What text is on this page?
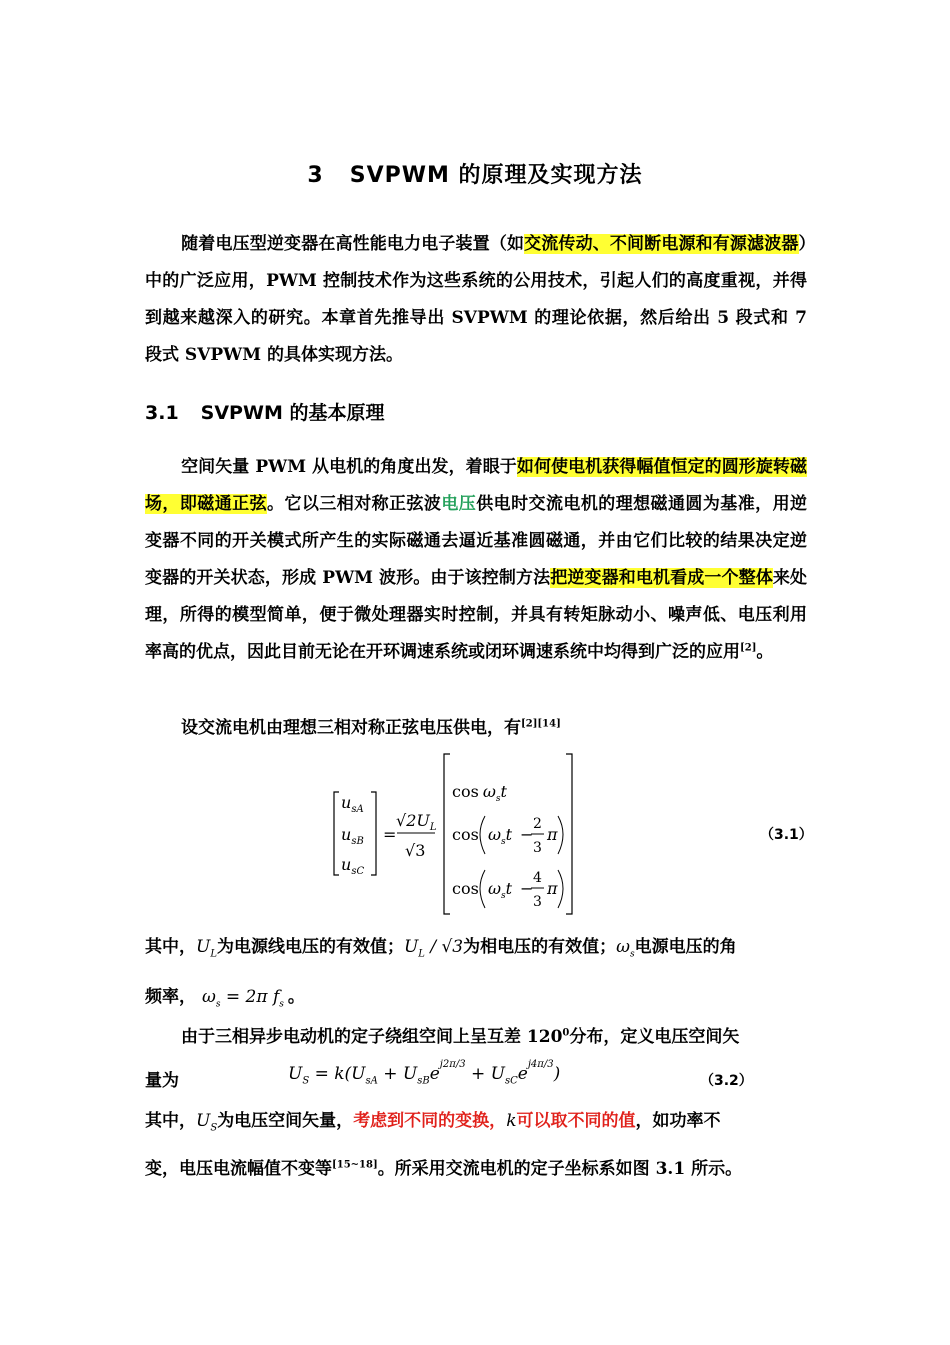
3 SVPWM 的原理及实现方法
随着电压型逆变器在高性能电力电子装置（如交流传动、不间断电源和有源滤波器）中的广泛应用，PWM 控制技术作为这些系统的公用技术，引起人们的高度重视，并得到越来越深入的研究。本章首先推导出 SVPWM 的理论依据，然后给出 5 段式和 7 段式 SVPWM 的具体实现方法。
3.1 SVPWM 的基本原理
空间矢量 PWM 从电机的角度出发，着眼于如何使电机获得幅值恒定的圆形旋转磁场，即磁通正弦。它以三相对称正弦波电压供电时交流电机的理想磁通圆为基准，用逆变器不同的开关模式所产生的实际磁通去逼近基准圆磁通，并由它们比较的结果决定逆变器的开关状态，形成 PWM 波形。由于该控制方法把逆变器和电机看成一个整体来处理，所得的模型简单，便于微处理器实时控制，并具有转矩脉动小、噪声低、电压利用率高的优点，因此目前无论在开环调速系统或闭环调速系统中均得到广泛的应用[2]。
设交流电机由理想三相对称正弦电压供电，有[2][14]
$u_{sA}$
$u_{sB}$
$u_{sC}$
=
$√2U_L$
√3
$\cos \omega_st$
$\cos \omega_st$ −
2
3
π
$\cos \omega_st$ −
4
3
π
（3.1）
其中，$U_L$为电源线电压的有效值；$U_L / √3$为相电压的有效值；$\omega_s$电源电压的角
频率， $\omega_s = 2\pi$ $f_s$ 。
由于三相异步电动机的定子绕组空间上呈互差 $120^0$分布，定义电压空间矢
量为	$U_S = k(U_{sA} + U_{sB}e^{j2\pi/3} + U_{sC}e^{j4\pi/3})$	（3.2）
其中，$U_S$为电压空间矢量，考虑到不同的变换，k可以取不同的值，如功率不
变，电压电流幅值不变等[15~18]。所采用交流电机的定子坐标系如图 3.1 所示。
